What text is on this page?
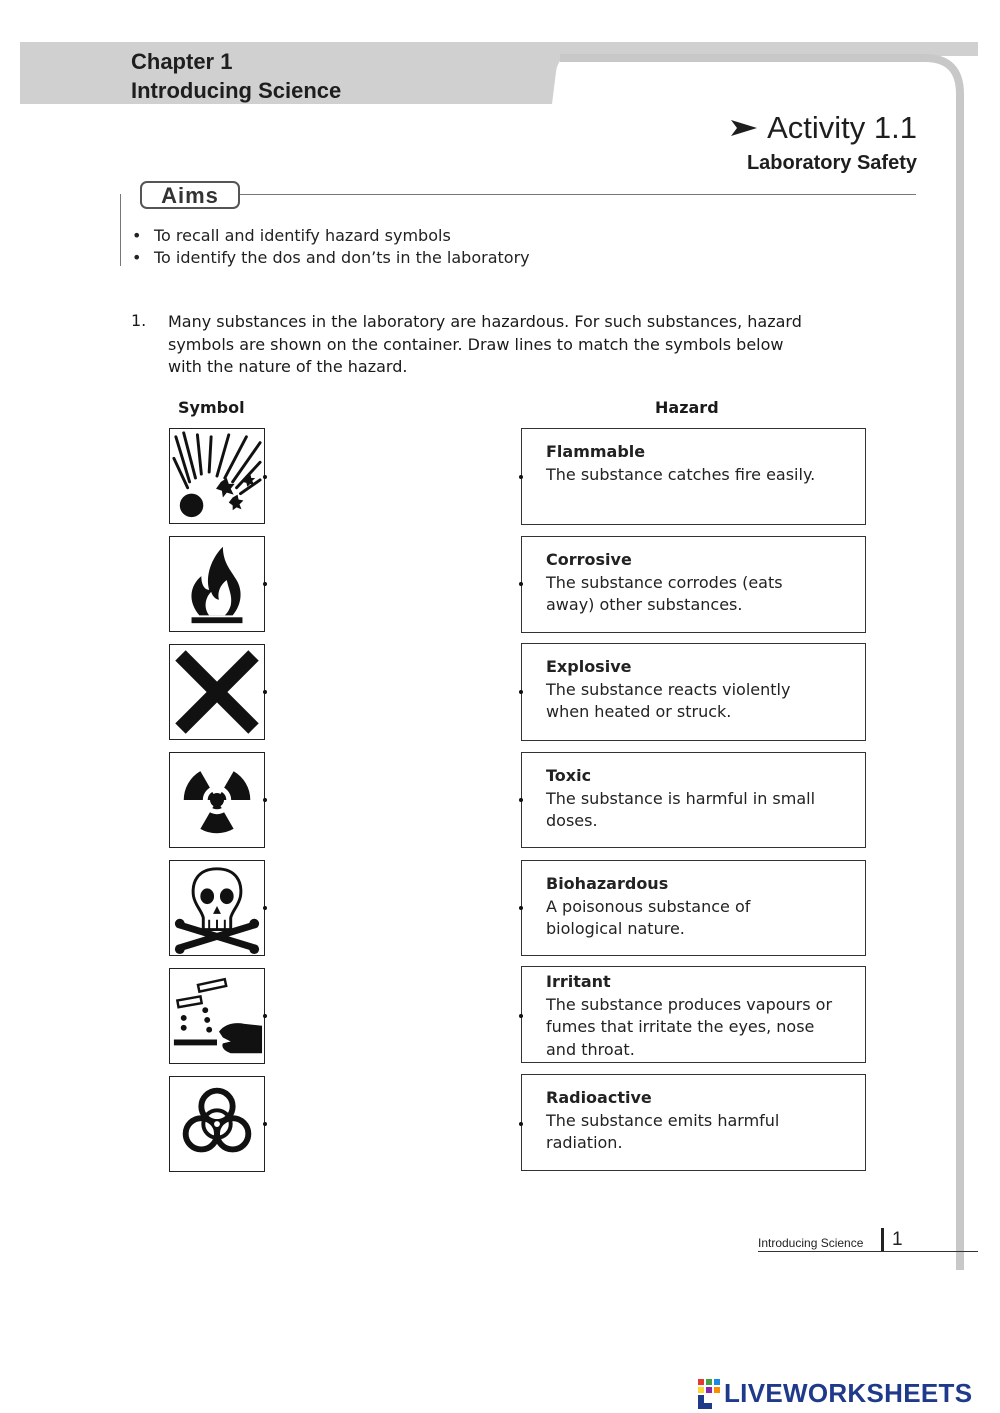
Chapter 1
Introducing Science
Activity 1.1
Laboratory Safety
Aims
• To recall and identify hazard symbols
• To identify the dos and don’ts in the laboratory
1. Many substances in the laboratory are hazardous. For such substances, hazard symbols are shown on the container. Draw lines to match the symbols below with the nature of the hazard.
Symbol	Hazard
Flammable
The substance catches fire easily.
Corrosive
The substance corrodes (eats away) other substances.
Explosive
The substance reacts violently when heated or struck.
Toxic
The substance is harmful in small doses.
Biohazardous
A poisonous substance of biological nature.
Irritant
The substance produces vapours or fumes that irritate the eyes, nose and throat.
Radioactive
The substance emits harmful radiation.
Introducing Science 1
LIVEWORKSHEETS
